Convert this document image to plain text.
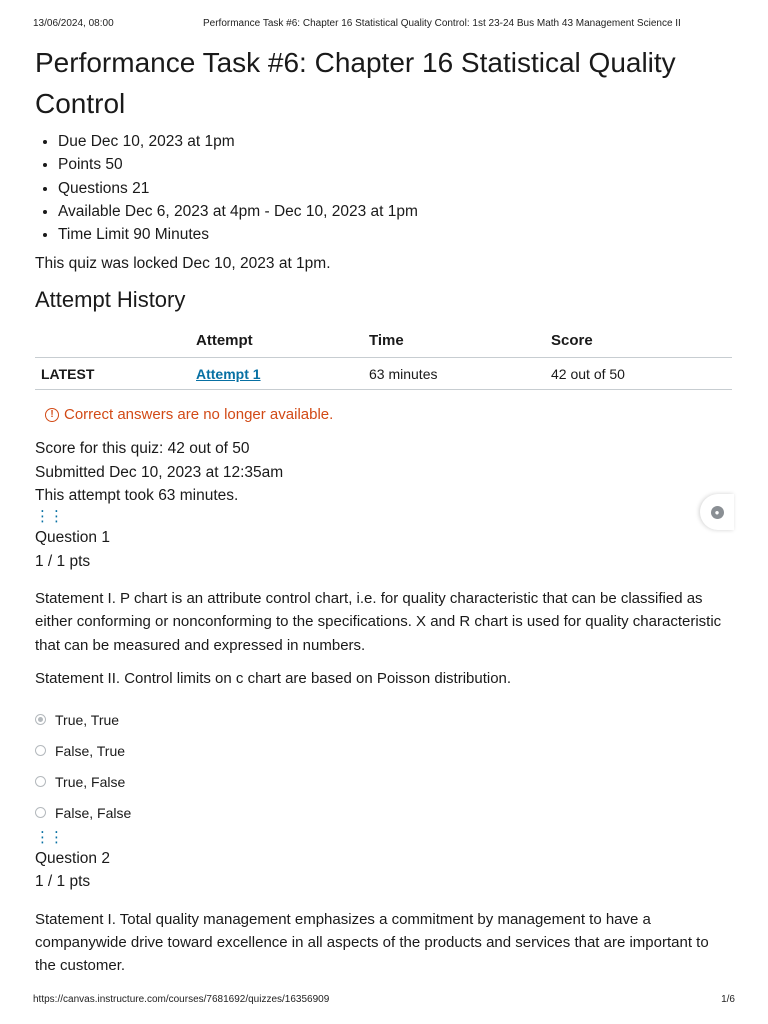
13/06/2024, 08:00	Performance Task #6: Chapter 16 Statistical Quality Control: 1st 23-24 Bus Math 43 Management Science II
Performance Task #6: Chapter 16 Statistical Quality Control
• Due Dec 10, 2023 at 1pm
• Points 50
• Questions 21
• Available Dec 6, 2023 at 4pm - Dec 10, 2023 at 1pm
• Time Limit 90 Minutes

This quiz was locked Dec 10, 2023 at 1pm.

Attempt History
	Attempt	Time	Score
LATEST	Attempt 1	63 minutes	42 out of 50
! Correct answers are no longer available.
Score for this quiz: 42 out of 50
Submitted Dec 10, 2023 at 12:35am
This attempt took 63 minutes.
⋮⋮
Question 1
1 / 1 pts

Statement I. P chart is an attribute control chart, i.e. for quality characteristic that can be classified as either conforming or nonconforming to the specifications. X and R chart is used for quality characteristic that can be measured and expressed in numbers.

Statement II. Control limits on c chart are based on Poisson distribution.

True, True
False, True
True, False
False, False
⋮⋮
Question 2
1 / 1 pts

Statement I. Total quality management emphasizes a commitment by management to have a companywide drive toward excellence in all aspects of the products and services that are important to the customer.

●
https://canvas.instructure.com/courses/7681692/quizzes/16356909	1/6
